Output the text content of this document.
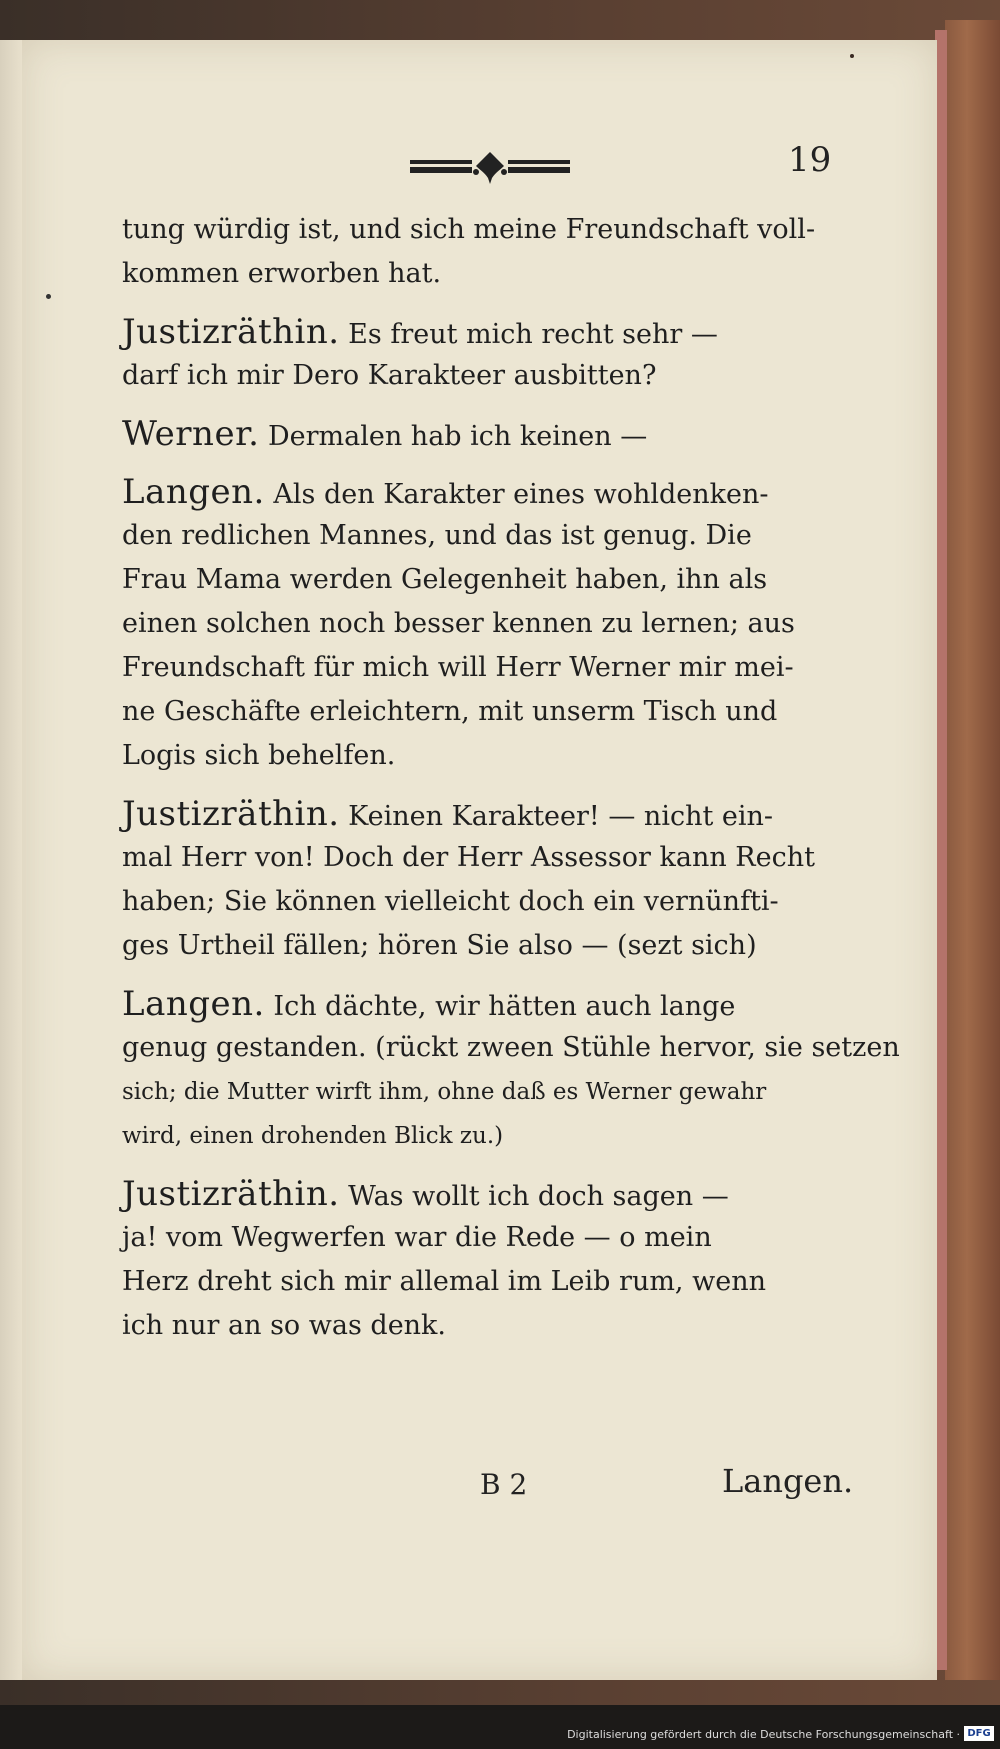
19
tung würdig ist, und sich meine Freundschaft voll-
kommen erworben hat.
Justizräthin. Es freut mich recht sehr —
darf ich mir Dero Karakteer ausbitten?
Werner. Dermalen hab ich keinen —
Langen. Als den Karakter eines wohldenken-
den redlichen Mannes, und das ist genug. Die
Frau Mama werden Gelegenheit haben, ihn als
einen solchen noch besser kennen zu lernen; aus
Freundschaft für mich will Herr Werner mir mei-
ne Geschäfte erleichtern, mit unserm Tisch und
Logis sich behelfen.
Justizräthin. Keinen Karakteer! — nicht ein-
mal Herr von! Doch der Herr Assessor kann Recht
haben; Sie können vielleicht doch ein vernünfti-
ges Urtheil fällen; hören Sie also — (sezt sich)
Langen. Ich dächte, wir hätten auch lange
genug gestanden. (rückt zween Stühle hervor, sie setzen
sich; die Mutter wirft ihm, ohne daß es Werner gewahr
wird, einen drohenden Blick zu.)
Justizräthin. Was wollt ich doch sagen —
ja! vom Wegwerfen war die Rede — o mein
Herz dreht sich mir allemal im Leib rum, wenn
ich nur an so was denk.
B 2	Langen.
Digitalisierung gefördert durch die Deutsche Forschungsgemeinschaft · DFG
